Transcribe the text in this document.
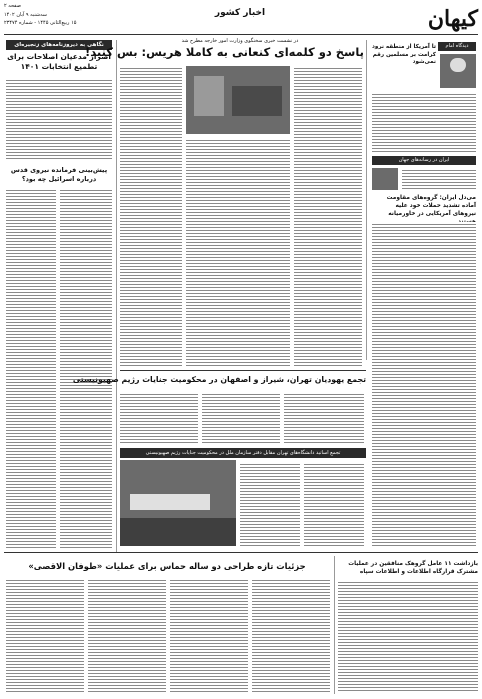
کیهان
اخبار کشور
صفحه ۲
سه‌شنبه ۹ آبان ۱۴۰۲
۱۵ ربیع‌الثانی ۱۴۴۵ - شماره ۲۳۴۷۴
نگاهی به دیروزنامه‌های زنجیره‌ای
اصرار مدعیان اصلاحات برای تطمیع انتخابات ۱۴۰۱
پیش‌بینی فرمانده نیروی قدس درباره اسرائیل چه بود؟
در نشست خبری سخنگوی وزارت امور خارجه مطرح شد
پاسخ دو کلمه‌ای کنعانی به کاملا هریس: بس کنید!
تجمع یهودیان تهران، شیراز و اصفهان در محکومیت جنایات رژیم صهیونیستی
تجمع اساتید دانشگاه‌های تهران مقابل دفتر سازمان ملل در محکومیت جنایات رژیم صهیونیستی
دیدگاه امام
تا آمریکا از منطقه نرود کرامت بر مسلمین رقم نمی‌شود
ایران در رسانه‌های جهان
می‌دل ایران: گروه‌های مقاومت آماده تشدید حملات خود علیه نیروهای آمریکایی در خاورمیانه
جزئیات تازه طراحی دو ساله حماس برای عملیات «طوفان الاقصی»	بازداشت ۱۱ عامل گروهک منافقین در عملیات مشترک قرارگاه اطلاعات و اطلاعات سپاه
